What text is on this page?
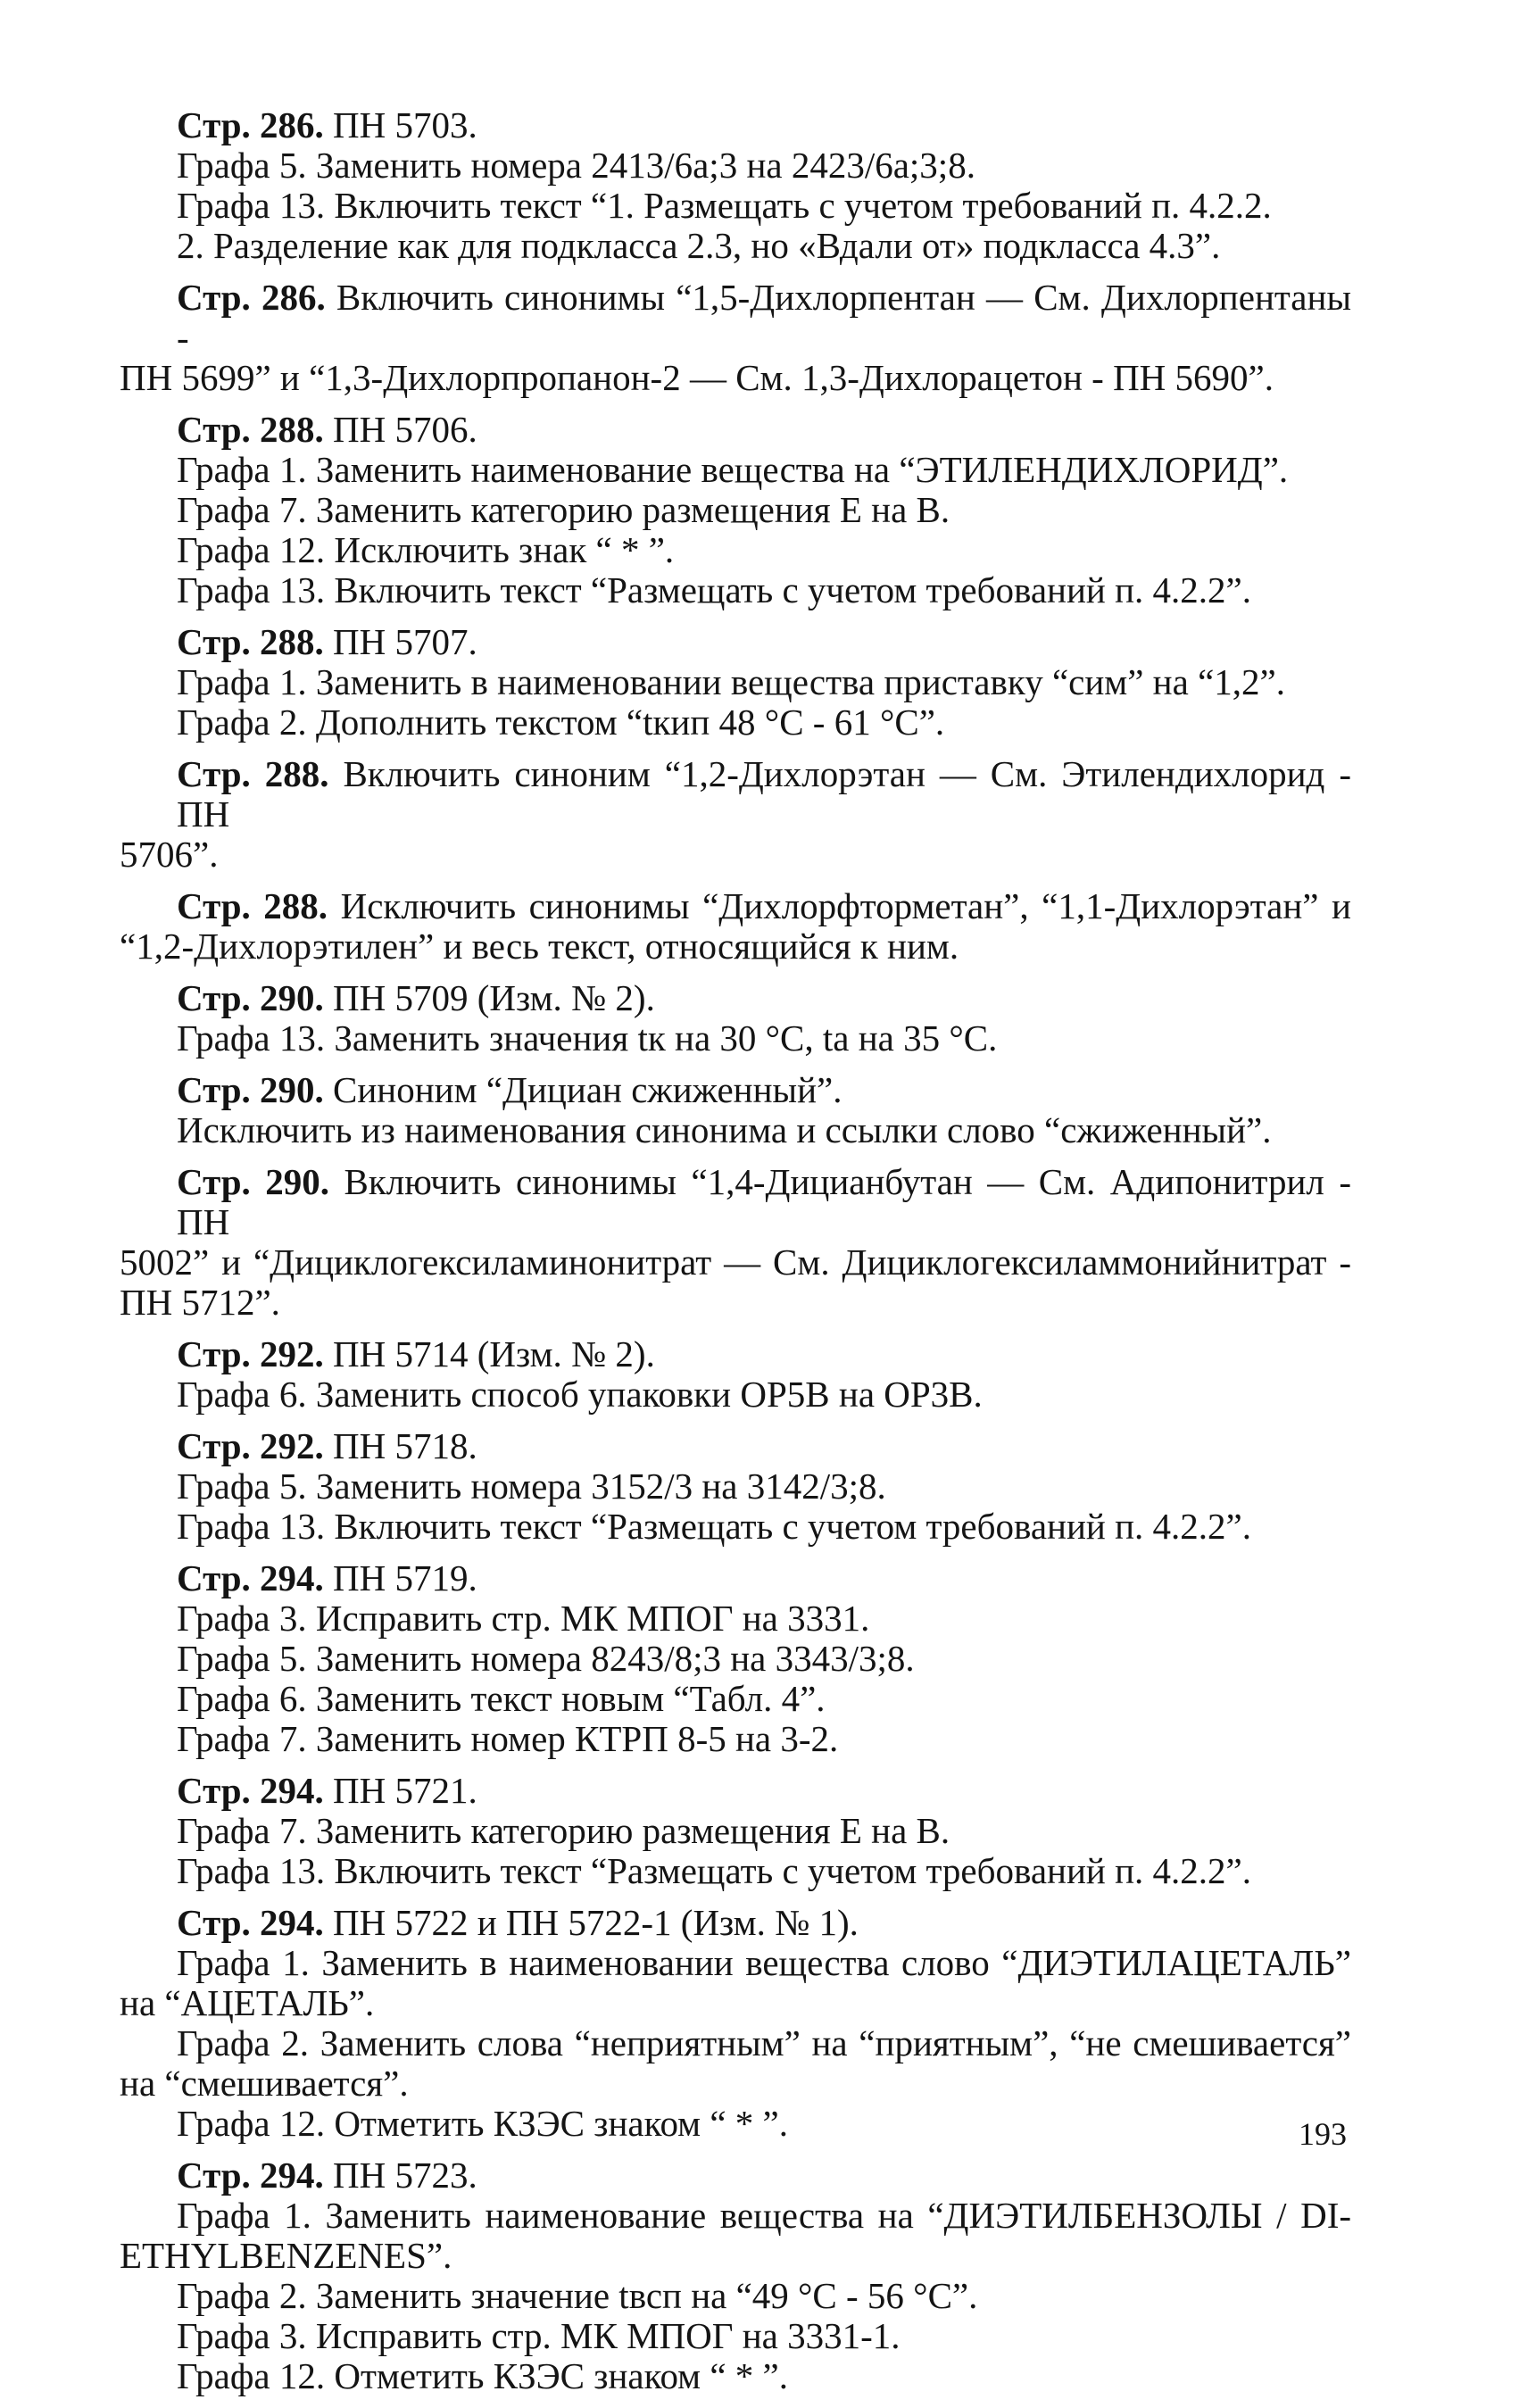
Стр. 286. ПН 5703.
Графа 5. Заменить номера 2413/6а;3 на 2423/6а;3;8.
Графа 13. Включить текст “1. Размещать с учетом требований п. 4.2.2.
2. Разделение как для подкласса 2.3, но «Вдали от» подкласса 4.3”.
Стр. 286. Включить синонимы “1,5-Дихлорпентан — См. Дихлорпентаны -
ПН 5699” и “1,3-Дихлорпропанон-2 — См. 1,3-Дихлорацетон - ПН 5690”.
Стр. 288. ПН 5706.
Графа 1. Заменить наименование вещества на “ЭТИЛЕНДИХЛОРИД”.
Графа 7. Заменить категорию размещения Е на В.
Графа 12. Исключить знак “ * ”.
Графа 13. Включить текст “Размещать с учетом требований п. 4.2.2”.
Стр. 288. ПН 5707.
Графа 1. Заменить в наименовании вещества приставку “сим” на “1,2”.
Графа 2. Дополнить текстом “tкип 48 °С - 61 °С”.
Стр. 288. Включить синоним “1,2-Дихлорэтан — См. Этилендихлорид - ПН
5706”.
Стр. 288. Исключить синонимы “Дихлорфторметан”, “1,1-Дихлорэтан” и
“1,2-Дихлорэтилен” и весь текст, относящийся к ним.
Стр. 290. ПН 5709 (Изм. № 2).
Графа 13. Заменить значения tк на 30 °С, tа на 35 °С.
Стр. 290. Синоним “Дициан сжиженный”.
Исключить из наименования синонима и ссылки слово “сжиженный”.
Стр. 290. Включить синонимы “1,4-Дицианбутан — См. Адипонитрил - ПН
5002” и “Дициклогексиламинонитрат — См. Дициклогексиламмонийнитрат -
ПН 5712”.
Стр. 292. ПН 5714 (Изм. № 2).
Графа 6. Заменить способ упаковки ОР5В на ОР3В.
Стр. 292. ПН 5718.
Графа 5. Заменить номера 3152/3 на 3142/3;8.
Графа 13. Включить текст “Размещать с учетом требований п. 4.2.2”.
Стр. 294. ПН 5719.
Графа 3. Исправить стр. МК МПОГ на 3331.
Графа 5. Заменить номера 8243/8;3 на 3343/3;8.
Графа 6. Заменить текст новым “Табл. 4”.
Графа 7. Заменить номер КТРП 8-5 на 3-2.
Стр. 294. ПН 5721.
Графа 7. Заменить категорию размещения Е на В.
Графа 13. Включить текст “Размещать с учетом требований п. 4.2.2”.
Стр. 294. ПН 5722 и ПН 5722-1 (Изм. № 1).
Графа 1. Заменить в наименовании вещества слово “ДИЭТИЛАЦЕТАЛЬ”
на “АЦЕТАЛЬ”.
Графа 2. Заменить слова “неприятным” на “приятным”, “не смешивается”
на “смешивается”.
Графа 12. Отметить КЗЭС знаком “ * ”.
Стр. 294. ПН 5723.
Графа 1. Заменить наименование вещества на “ДИЭТИЛБЕНЗОЛЫ / DI-
ETHYLBENZENES”.
Графа 2. Заменить значение tвсп на “49 °С - 56 °С”.
Графа 3. Исправить стр. МК МПОГ на 3331-1.
Графа 12. Отметить КЗЭС знаком “ * ”.
193
